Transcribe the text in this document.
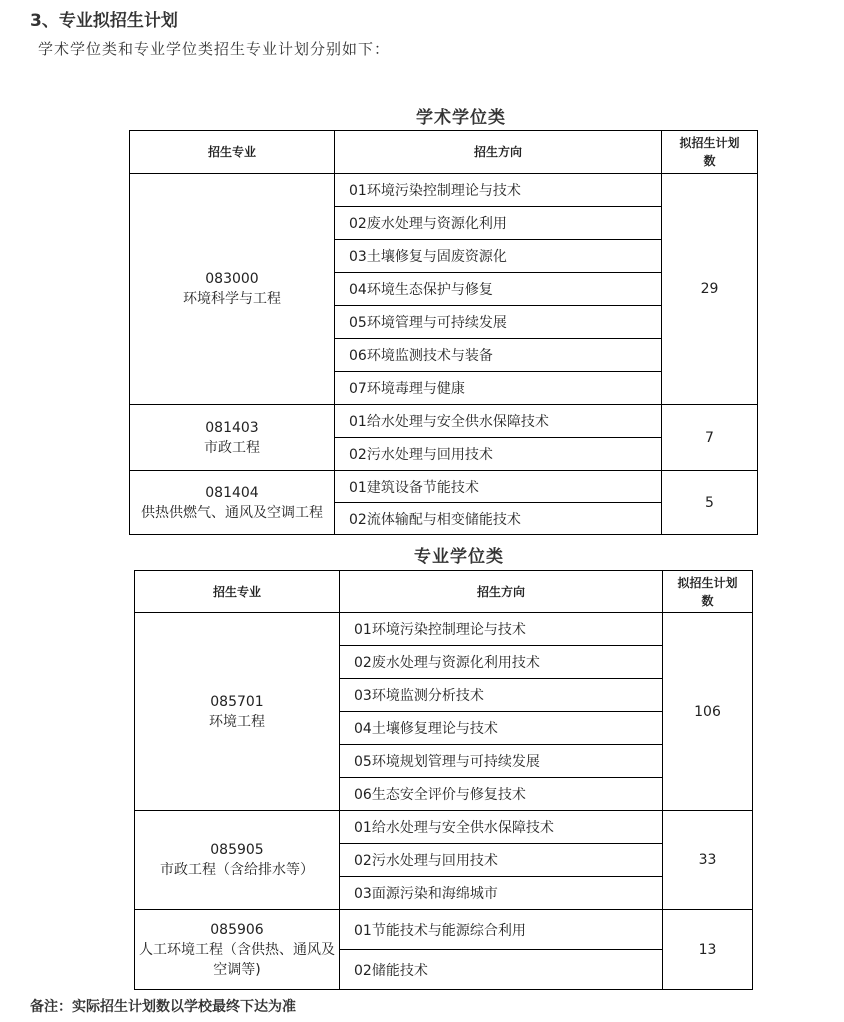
3、专业拟招生计划
学术学位类和专业学位类招生专业计划分别如下：
学术学位类
招生专业	招生方向	拟招生计划数

083000
环境科学与工程	01环境污染控制理论与技术	29
	02废水处理与资源化利用	
	03土壤修复与固废资源化	
	04环境生态保护与修复	
	05环境管理与可持续发展	
	06环境监测技术与装备	
	07环境毒理与健康	

081403
市政工程	01给水处理与安全供水保障技术	7
	02污水处理与回用技术	

081404
供热供燃气、通风及空调工程	01建筑设备节能技术	5
	02流体输配与相变储能技术	
专业学位类
招生专业	招生方向	拟招生计划数

085701
环境工程	01环境污染控制理论与技术	106
	02废水处理与资源化利用技术	
	03环境监测分析技术	
	04土壤修复理论与技术	
	05环境规划管理与可持续发展	
	06生态安全评价与修复技术	

085905
市政工程（含给排水等）	01给水处理与安全供水保障技术	33
	02污水处理与回用技术	
	03面源污染和海绵城市	

085906
人工环境工程（含供热、通风及空调等)	01节能技术与能源综合利用	13
	02储能技术	
备注：实际招生计划数以学校最终下达为准
